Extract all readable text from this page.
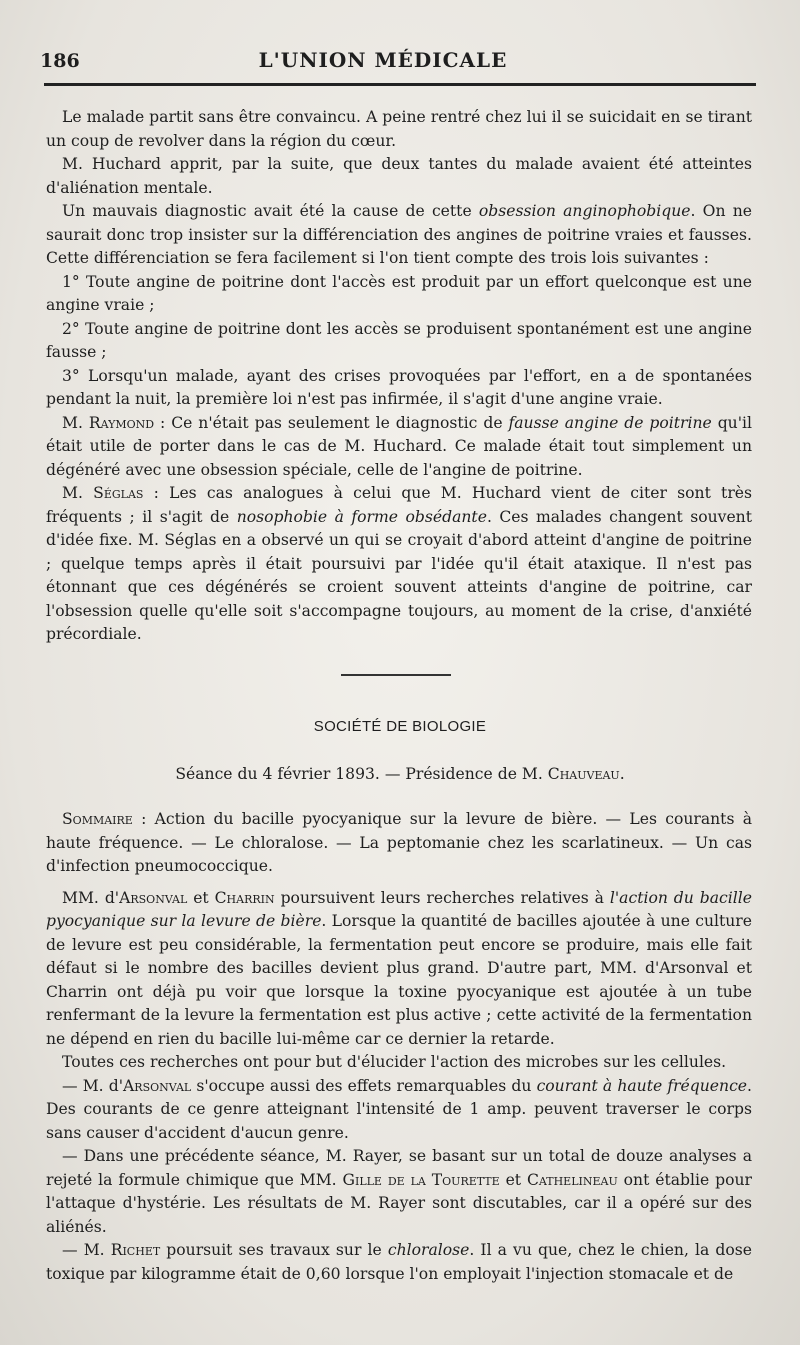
186	L'UNION MÉDICALE

Le malade partit sans être convaincu. A peine rentré chez lui il se suicidait en se tirant un coup de revolver dans la région du cœur.

M. Huchard apprit, par la suite, que deux tantes du malade avaient été atteintes d'aliénation mentale.

Un mauvais diagnostic avait été la cause de cette obsession anginophobique. On ne saurait donc trop insister sur la différenciation des angines de poitrine vraies et fausses. Cette différenciation se fera facilement si l'on tient compte des trois lois suivantes :

1° Toute angine de poitrine dont l'accès est produit par un effort quelconque est une angine vraie ;

2° Toute angine de poitrine dont les accès se produisent spontanément est une angine fausse ;

3° Lorsqu'un malade, ayant des crises provoquées par l'effort, en a de spontanées pendant la nuit, la première loi n'est pas infirmée, il s'agit d'une angine vraie.

M. Raymond : Ce n'était pas seulement le diagnostic de fausse angine de poitrine qu'il était utile de porter dans le cas de M. Huchard. Ce malade était tout simplement un dégénéré avec une obsession spéciale, celle de l'angine de poitrine.

M. Séglas : Les cas analogues à celui que M. Huchard vient de citer sont très fréquents ; il s'agit de nosophobie à forme obsédante. Ces malades changent souvent d'idée fixe. M. Séglas en a observé un qui se croyait d'abord atteint d'angine de poitrine ; quelque temps après il était poursuivi par l'idée qu'il était ataxique. Il n'est pas étonnant que ces dégénérés se croient souvent atteints d'angine de poitrine, car l'obsession quelle qu'elle soit s'accompagne toujours, au moment de la crise, d'anxiété précordiale.

SOCIÉTÉ DE BIOLOGIE
Séance du 4 février 1893. — Présidence de M. Chauveau.

Sommaire : Action du bacille pyocyanique sur la levure de bière. — Les courants à haute fréquence. — Le chloralose. — La peptomanie chez les scarlatineux. — Un cas d'infection pneumococcique.

MM. d'Arsonval et Charrin poursuivent leurs recherches relatives à l'action du bacille pyocyanique sur la levure de bière. Lorsque la quantité de bacilles ajoutée à une culture de levure est peu considérable, la fermentation peut encore se produire, mais elle fait défaut si le nombre des bacilles devient plus grand. D'autre part, MM. d'Arsonval et Charrin ont déjà pu voir que lorsque la toxine pyocyanique est ajoutée à un tube renfermant de la levure la fermentation est plus active ; cette activité de la fermentation ne dépend en rien du bacille lui-même car ce dernier la retarde.

Toutes ces recherches ont pour but d'élucider l'action des microbes sur les cellules.

— M. d'Arsonval s'occupe aussi des effets remarquables du courant à haute fréquence. Des courants de ce genre atteignant l'intensité de 1 amp. peuvent traverser le corps sans causer d'accident d'aucun genre.

— Dans une précédente séance, M. Rayer, se basant sur un total de douze analyses a rejeté la formule chimique que MM. Gille de la Tourette et Cathelineau ont établie pour l'attaque d'hystérie. Les résultats de M. Rayer sont discutables, car il a opéré sur des aliénés.

— M. Richet poursuit ses travaux sur le chloralose. Il a vu que, chez le chien, la dose toxique par kilogramme était de 0,60 lorsque l'on employait l'injection stomacale et de
